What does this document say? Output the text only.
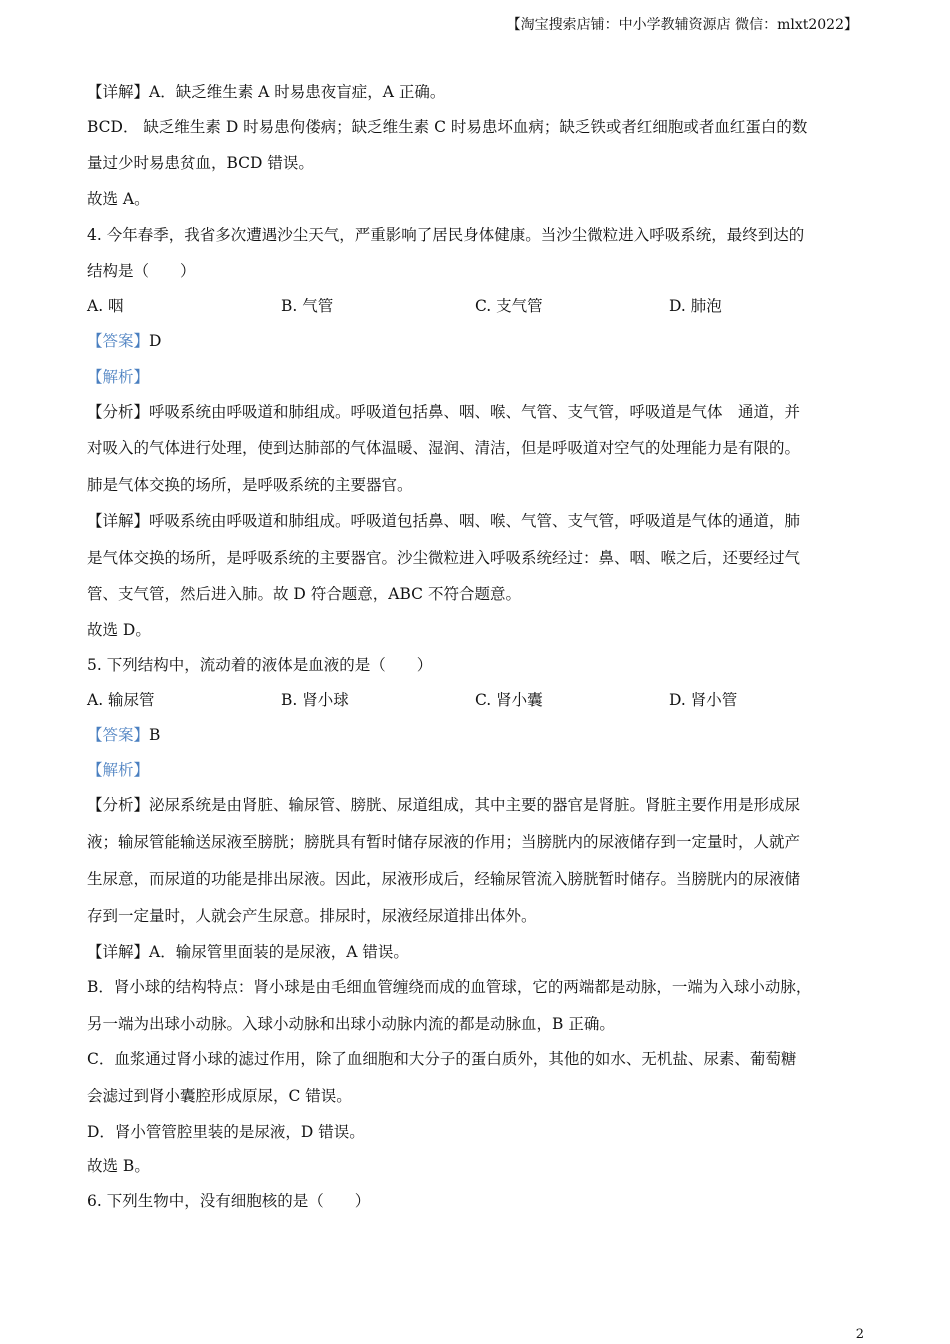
【淘宝搜索店铺：中小学教辅资源店 微信：mlxt2022】
【详解】A．缺乏维生素 A 时易患夜盲症，A 正确。
BCD． 缺乏维生素 D 时易患佝偻病；缺乏维生素 C 时易患坏血病；缺乏铁或者红细胞或者血红蛋白的数
量过少时易患贫血，BCD 错误。
故选 A。
4. 今年春季，我省多次遭遇沙尘天气，严重影响了居民身体健康。当沙尘微粒进入呼吸系统，最终到达的
结构是（　　）
A. 咽	B. 气管	C. 支气管	D. 肺泡
【答案】D
【解析】
【分析】呼吸系统由呼吸道和肺组成。呼吸道包括鼻、咽、喉、气管、支气管，呼吸道是气体　通道，并
对吸入的气体进行处理，使到达肺部的气体温暖、湿润、清洁，但是呼吸道对空气的处理能力是有限的。
肺是气体交换的场所，是呼吸系统的主要器官。
【详解】呼吸系统由呼吸道和肺组成。呼吸道包括鼻、咽、喉、气管、支气管，呼吸道是气体的通道，肺
是气体交换的场所，是呼吸系统的主要器官。沙尘微粒进入呼吸系统经过：鼻、咽、喉之后，还要经过气
管、支气管，然后进入肺。故 D 符合题意，ABC 不符合题意。
故选 D。
5. 下列结构中，流动着的液体是血液的是（　　）
A. 输尿管	B. 肾小球	C. 肾小囊	D. 肾小管
【答案】B
【解析】
【分析】泌尿系统是由肾脏、输尿管、膀胱、尿道组成，其中主要的器官是肾脏。肾脏主要作用是形成尿
液；输尿管能输送尿液至膀胱；膀胱具有暂时储存尿液的作用；当膀胱内的尿液储存到一定量时，人就产
生尿意，而尿道的功能是排出尿液。因此，尿液形成后，经输尿管流入膀胱暂时储存。当膀胱内的尿液储
存到一定量时，人就会产生尿意。排尿时，尿液经尿道排出体外。
【详解】A．输尿管里面装的是尿液，A 错误。
B．肾小球的结构特点：肾小球是由毛细血管缠绕而成的血管球，它的两端都是动脉，一端为入球小动脉，
另一端为出球小动脉。入球小动脉和出球小动脉内流的都是动脉血，B 正确。
C．血浆通过肾小球的滤过作用，除了血细胞和大分子的蛋白质外，其他的如水、无机盐、尿素、葡萄糖
会滤过到肾小囊腔形成原尿，C 错误。
D．肾小管管腔里装的是尿液，D 错误。
故选 B。
6. 下列生物中，没有细胞核的是（　　）
2
